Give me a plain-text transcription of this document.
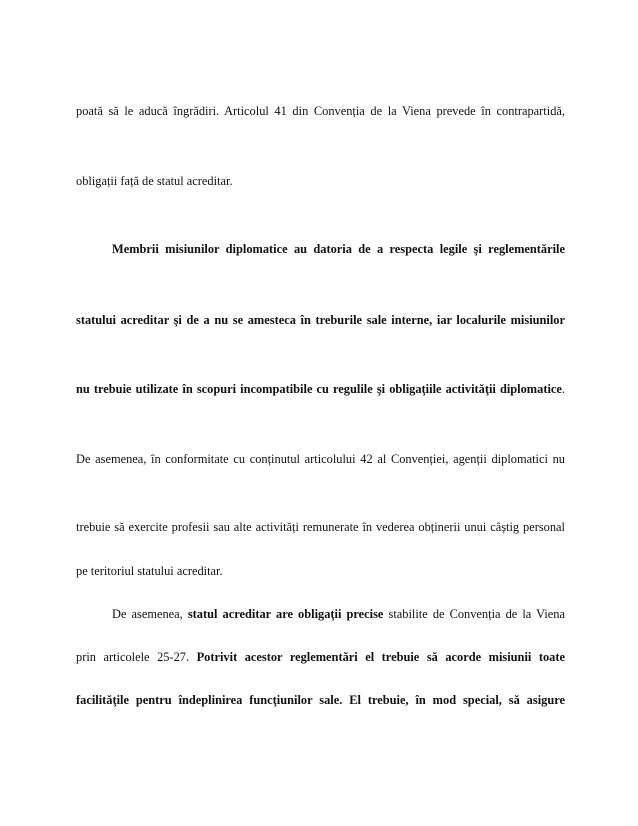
poată să le aducă îngrădiri. Articolul 41 din Convenția de la Viena prevede în contrapartidă,
obligații față de statul acreditar.
Membrii misiunilor diplomatice au datoria de a respecta legile şi reglementările
statului acreditar şi de a nu se amesteca în treburile sale interne, iar localurile misiunilor
nu trebuie utilizate în scopuri incompatibile cu regulile şi obligaţiile activităţii diplomatice.
De asemenea, în conformitate cu conținutul articolului 42 al Convenției, agenții diplomatici nu
trebuie să exercite profesii sau alte activități remunerate în vederea obținerii unui câștig personal
pe teritoriul statului acreditar.
De asemenea, statul acreditar are obligaţii precise stabilite de Convenția de la Viena
prin articolele 25-27. Potrivit acestor reglementări el trebuie să acorde misiunii toate
facilităţile pentru îndeplinirea funcţiunilor sale. El trebuie, în mod special, să asigure
